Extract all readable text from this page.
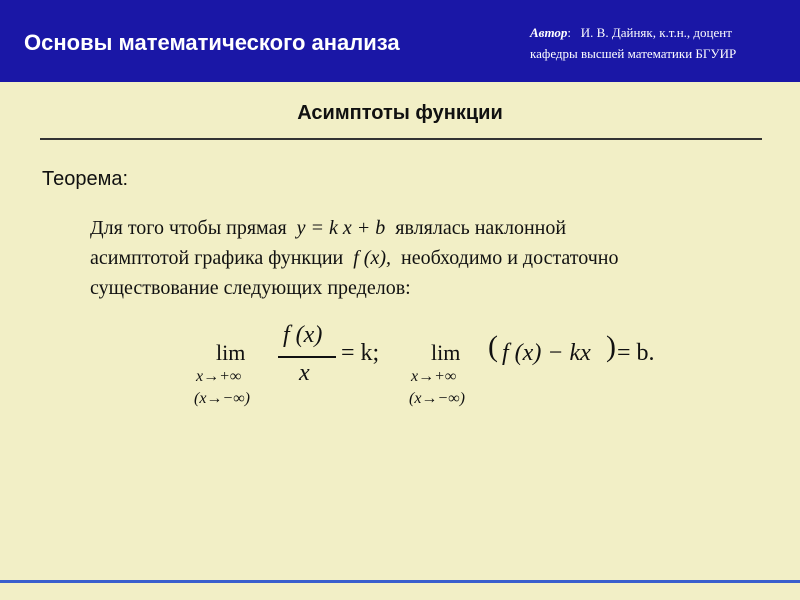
Основы математического анализа	Автор:   И. В. Дайняк, к.т.н., доцент
кафедры высшей математики БГУИР
Асимптоты функции
Теорема:
Для того чтобы прямая y = k x + b являлась наклонной
асимптотой графика функции f (x), необходимо и достаточно
существование следующих пределов:
lim
x→+∞
(x→−∞)
f (x)
x
= k; lim
x→+∞
(x→−∞)
( f (x) − kx ) = b.
